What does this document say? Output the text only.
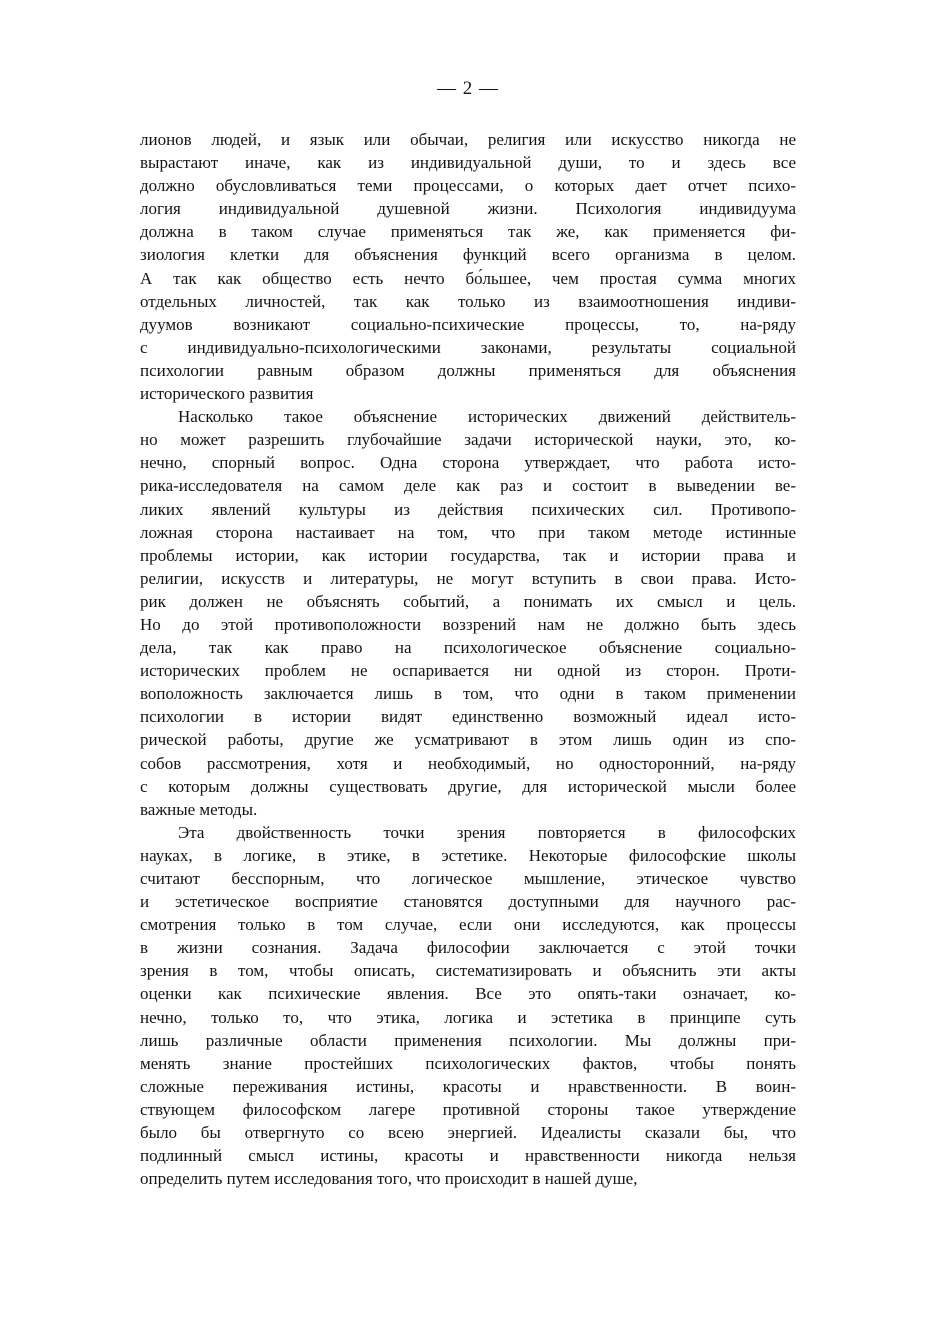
— 2 —
лионов людей, и язык или обычаи, религия или искусство никогда не
вырастают иначе, как из индивидуальной души, то и здесь все
должно обусловливаться теми процессами, о которых дает отчет психо-
логия индивидуальной душевной жизни. Психология индивидуума
должна в таком случае применяться так же, как применяется фи-
зиология клетки для объяснения функций всего организма в целом.
А так как общество есть нечто бо́льшее, чем простая сумма многих
отдельных личностей, так как только из взаимоотношения индиви-
дуумов возникают социально-психические процессы, то, на-ряду
с индивидуально-психологическими законами, результаты социальной
психологии равным образом должны применяться для объяснения
исторического развития
Насколько такое объяснение исторических движений действитель-
но может разрешить глубочайшие задачи исторической науки, это, ко-
нечно, спорный вопрос. Одна сторона утверждает, что работа исто-
рика-исследователя на самом деле как раз и состоит в выведении ве-
ликих явлений культуры из действия психических сил. Противопо-
ложная сторона настаивает на том, что при таком методе истинные
проблемы истории, как истории государства, так и истории права и
религии, искусств и литературы, не могут вступить в свои права. Исто-
рик должен не объяснять событий, а понимать их смысл и цель.
Но до этой противоположности воззрений нам не должно быть здесь
дела, так как право на психологическое объяснение социально-
исторических проблем не оспаривается ни одной из сторон. Проти-
воположность заключается лишь в том, что одни в таком применении
психологии в истории видят единственно возможный идеал исто-
рической работы, другие же усматривают в этом лишь один из спо-
собов рассмотрения, хотя и необходимый, но односторонний, на-ряду
с которым должны существовать другие, для исторической мысли более
важные методы.
Эта двойственность точки зрения повторяется в философских
науках, в логике, в этике, в эстетике. Некоторые философские школы
считают бесспорным, что логическое мышление, этическое чувство
и эстетическое восприятие становятся доступными для научного рас-
смотрения только в том случае, если они исследуются, как процессы
в жизни сознания. Задача философии заключается с этой точки
зрения в том, чтобы описать, систематизировать и объяснить эти акты
оценки как психические явления. Все это опять-таки означает, ко-
нечно, только то, что этика, логика и эстетика в принципе суть
лишь различные области применения психологии. Мы должны при-
менять знание простейших психологических фактов, чтобы понять
сложные переживания истины, красоты и нравственности. В воин-
ствующем философском лагере противной стороны такое утверждение
было бы отвергнуто со всею энергией. Идеалисты сказали бы, что
подлинный смысл истины, красоты и нравственности никогда нельзя
определить путем исследования того, что происходит в нашей душе,
